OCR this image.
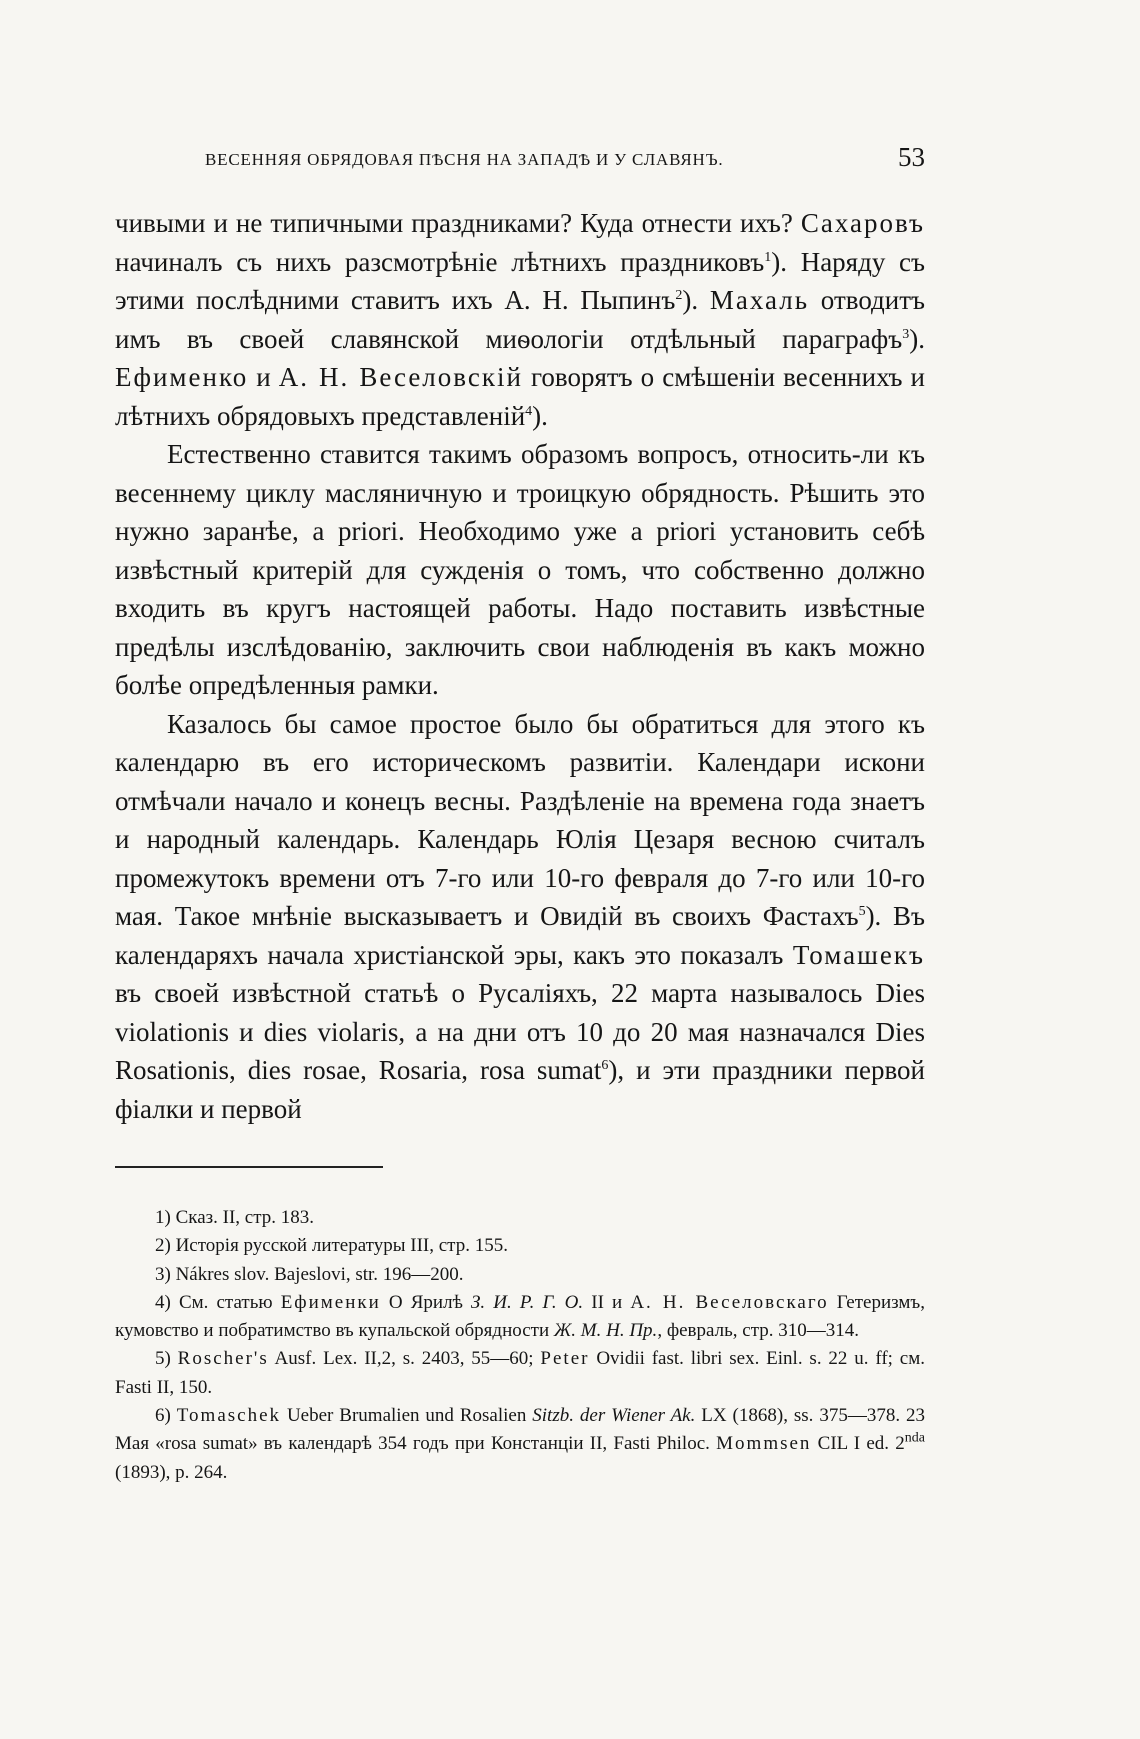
ВЕСЕННЯЯ ОБРЯДОВАЯ ПѢСНЯ НА ЗАПАДѢ И У СЛАВЯНЪ.	53

чивыми и не типичными праздниками? Куда отнести ихъ? Сахаровъ начиналъ съ нихъ разсмотрѣніе лѣтнихъ праздниковъ$^1$). Наряду съ этими послѣдними ставитъ ихъ А. Н. Пыпинъ$^2$). Махаль отводитъ имъ въ своей славянской миѳологіи отдѣльный параграфъ$^3$). Ефименко и А. Н. Веселовскій говорятъ о смѣшеніи весеннихъ и лѣтнихъ обрядовыхъ представленій$^4$).

Естественно ставится такимъ образомъ вопросъ, относить-ли къ весеннему циклу масляничную и троицкую обрядность. Рѣшить это нужно заранѣе, a priori. Необходимо уже a priori установить себѣ извѣстный критерій для сужденія о томъ, что собственно должно входить въ кругъ настоящей работы. Надо поставить извѣстные предѣлы изслѣдованію, заключить свои наблюденія въ какъ можно болѣе опредѣленныя рамки.

Казалось бы самое простое было бы обратиться для этого къ календарю въ его историческомъ развитіи. Календари искони отмѣчали начало и конецъ весны. Раздѣленіе на времена года знаетъ и народный календарь. Календарь Юлія Цезаря весною считалъ промежутокъ времени отъ 7-го или 10-го февраля до 7-го или 10-го мая. Такое мнѣніе высказываетъ и Овидій въ своихъ Фастахъ$^5$). Въ календаряхъ начала христіанской эры, какъ это показалъ Томашекъ въ своей извѣстной статьѣ о Русаліяхъ, 22 марта называлось Dies violationis и dies violaris, а на дни отъ 10 до 20 мая назначался Dies Rosationis, dies rosae, Rosaria, rosa sumat$^6$), и эти праздники первой фіалки и первой

1) Сказ. II, стр. 183.
2) Исторія русской литературы III, стр. 155.
3) Nákres slov. Bajeslovi, str. 196—200.
4) См. статью Ефименки О Ярилѣ З. И. Р. Г. О. II и А. Н. Веселовскаго Гетеризмъ, кумовство и побратимство въ купальской обрядности Ж. М. Н. Пр., февраль, стр. 310—314.
5) Roscher's Ausf. Lex. II,2, s. 2403, 55—60; Peter Ovidii fast. libri sex. Einl. s. 22 u. ff; см. Fasti II, 150.
6) Tomaschek Ueber Brumalien und Rosalien Sitzb. der Wiener Ak. LX (1868), ss. 375—378. 23 Мая «rosa sumat» въ календарѣ 354 годъ при Констанціи II, Fasti Philoc. Mommsen CIL I ed. $2^{nda}$ (1893), p. 264.
